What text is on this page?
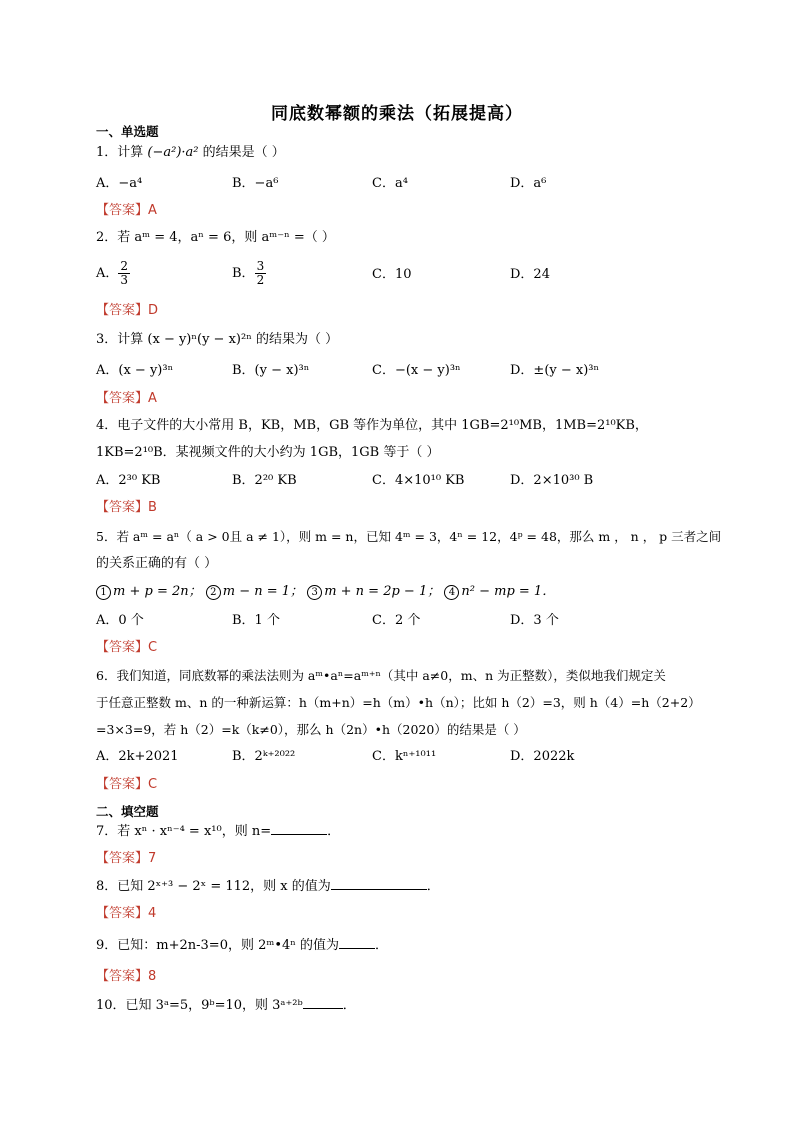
同底数幂额的乘法（拓展提高）
一、单选题
1．计算 (−a²)·a² 的结果是（ ）
A．−a⁴	B．−a⁶	C．a⁴	D．a⁶
【答案】A
2．若 aᵐ = 4，aⁿ = 6，则 aᵐ⁻ⁿ =（ ）
A． $\frac{2}{3}$	B． $\frac{3}{2}$	C．10	D．24
【答案】D
3．计算 (x − y)ⁿ(y − x)²ⁿ 的结果为（ ）
A．(x − y)³ⁿ	B．(y − x)³ⁿ	C．−(x − y)³ⁿ	D．±(y − x)³ⁿ
【答案】A
4．电子文件的大小常用 B，KB，MB，GB 等作为单位，其中 1GB=2¹⁰MB，1MB=2¹⁰KB，
1KB=2¹⁰B．某视频文件的大小约为 1GB，1GB 等于（ ）
A．2³⁰ KB	B．2²⁰ KB	C．4×10¹⁰ KB	D．2×10³⁰ B
【答案】B
5．若 aᵐ = aⁿ（ a > 0且 a ≠ 1），则 m = n，已知 4ᵐ = 3，4ⁿ = 12，4ᵖ = 48，那么 m ， n ， p 三者之间
的关系正确的有（ ）
1 m + p = 2n； 2 m − n = 1； 3 m + n = 2p − 1； 4 n² − mp = 1．
A．0 个	B．1 个	C．2 个	D．3 个
【答案】C
6．我们知道，同底数幂的乘法法则为 aᵐ•aⁿ=aᵐ⁺ⁿ（其中 a≠0，m、n 为正整数），类似地我们规定关
于任意正整数 m、n 的一种新运算：h（m+n）=h（m）•h（n）；比如 h（2）=3，则 h（4）=h（2+2）
=3×3=9，若 h（2）=k（k≠0），那么 h（2n）•h（2020）的结果是（ ）
A．2k+2021	B．2ᵏ⁺²⁰²²	C．kⁿ⁺¹⁰¹¹	D．2022k
【答案】C
二、填空题
7．若 xⁿ · xⁿ⁻⁴ = x¹⁰，则 n=	．
【答案】7
8．已知 2ˣ⁺³ − 2ˣ = 112，则 x 的值为	．
【答案】4
9．已知：m+2n-3=0，则 2ᵐ•4ⁿ 的值为	．
【答案】8
10．已知 3ᵃ=5，9ᵇ=10，则 3ᵃ⁺²ᵇ	．
